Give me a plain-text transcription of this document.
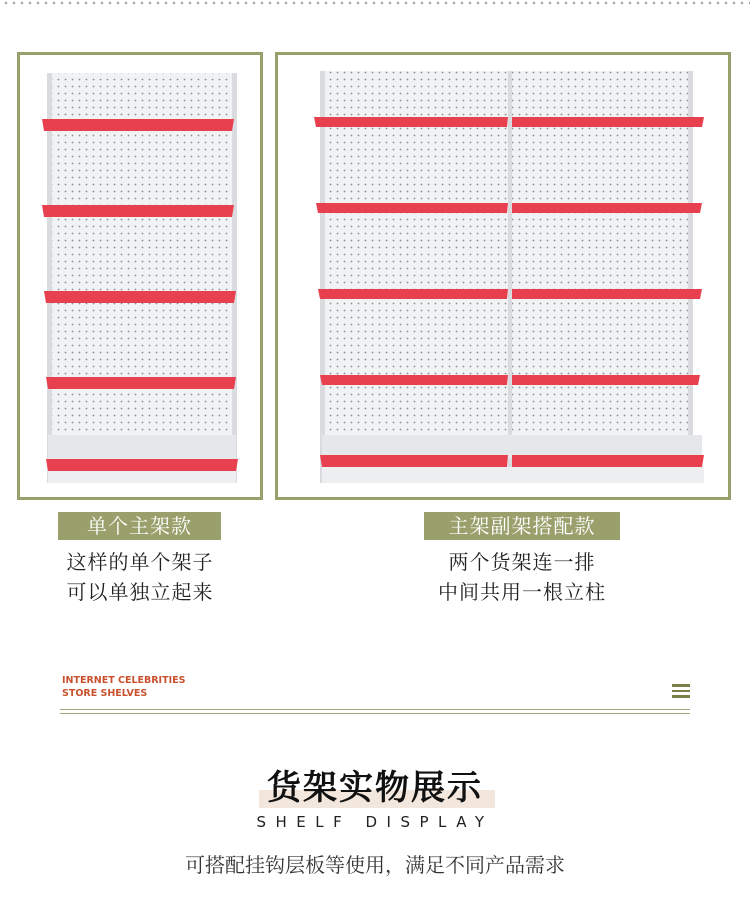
单个主架款
这样的单个架子
可以单独立起来
主架副架搭配款
两个货架连一排
中间共用一根立柱
INTERNET CELEBRITIES
STORE SHELVES
货架实物展示
SHELF DISPLAY
可搭配挂钩层板等使用，满足不同产品需求
